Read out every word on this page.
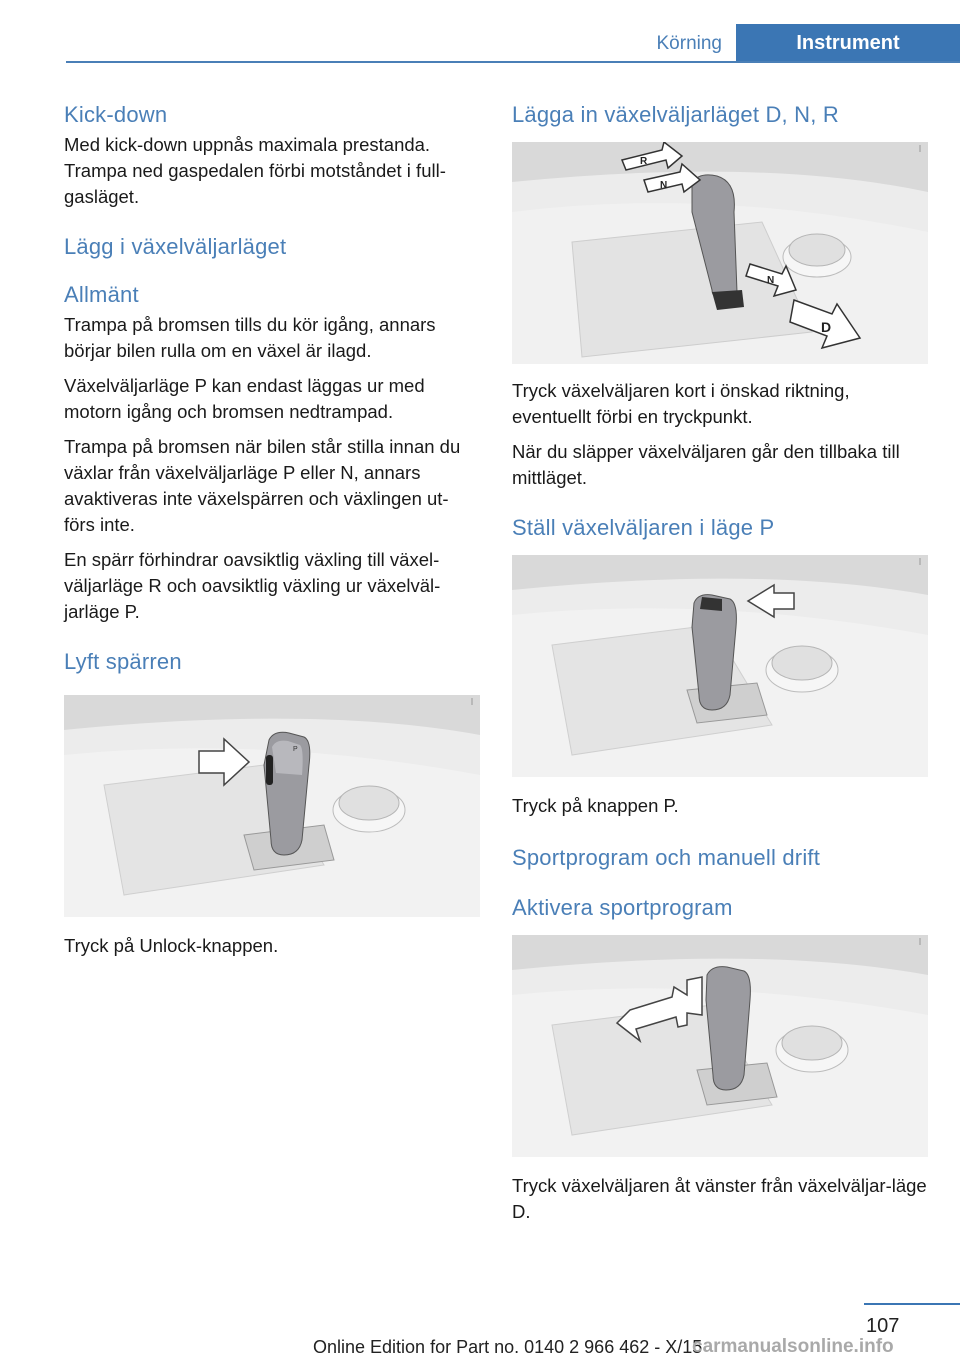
Körning	Instrument
Kick-down

Med kick-down uppnås maximala prestanda.

Trampa ned gaspedalen förbi motståndet i full-gasläget.

Lägg i växelväljarläget
Allmänt

Trampa på bromsen tills du kör igång, annars börjar bilen rulla om en växel är ilagd.

Växelväljarläge P kan endast läggas ur med motorn igång och bromsen nedtrampad.

Trampa på bromsen när bilen står stilla innan du växlar från växelväljarläge P eller N, annars avaktiveras inte växelspärren och växlingen ut-förs inte.

En spärr förhindrar oavsiktlig växling till växel-väljarläge R och oavsiktlig växling ur växelväl-jarläge P.

Lyft spärren
P

Tryck på Unlock-knappen.

Lägga in växelväljarläget D, N, R
R
N
N
D

Tryck växelväljaren kort i önskad riktning, eventuellt förbi en tryckpunkt.

När du släpper växelväljaren går den tillbaka till mittläget.

Ställ växelväljaren i läge P

Tryck på knappen P.

Sportprogram och manuell drift
Aktivera sportprogram

Tryck växelväljaren åt vänster från växelväljar-läge D.

107
Online Edition for Part no. 0140 2 966 462 - X/15
carmanualsonline.info
